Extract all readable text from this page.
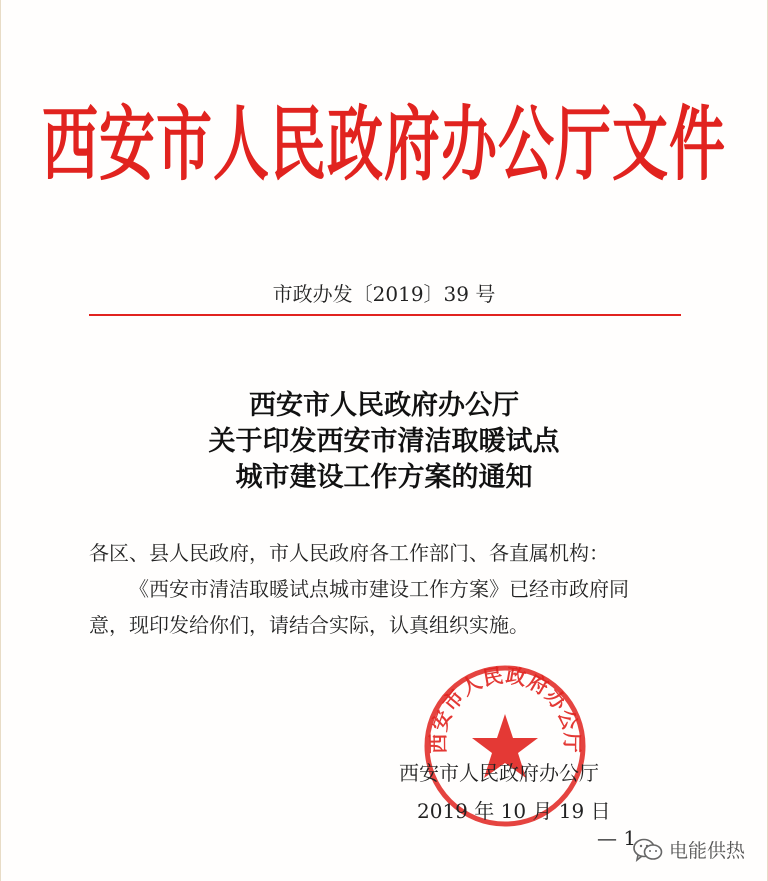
西安市人民政府办公厅文件
市政办发〔2019〕39 号
西安市人民政府办公厅
关于印发西安市清洁取暖试点
城市建设工作方案的通知
各区、县人民政府，市人民政府各工作部门、各直属机构：
《西安市清洁取暖试点城市建设工作方案》已经市政府同
意，现印发给你们，请结合实际，认真组织实施。
西安市人民政府办公厅
西安市人民政府办公厅
2019 年 10 月 19 日
— 1
电能供热
